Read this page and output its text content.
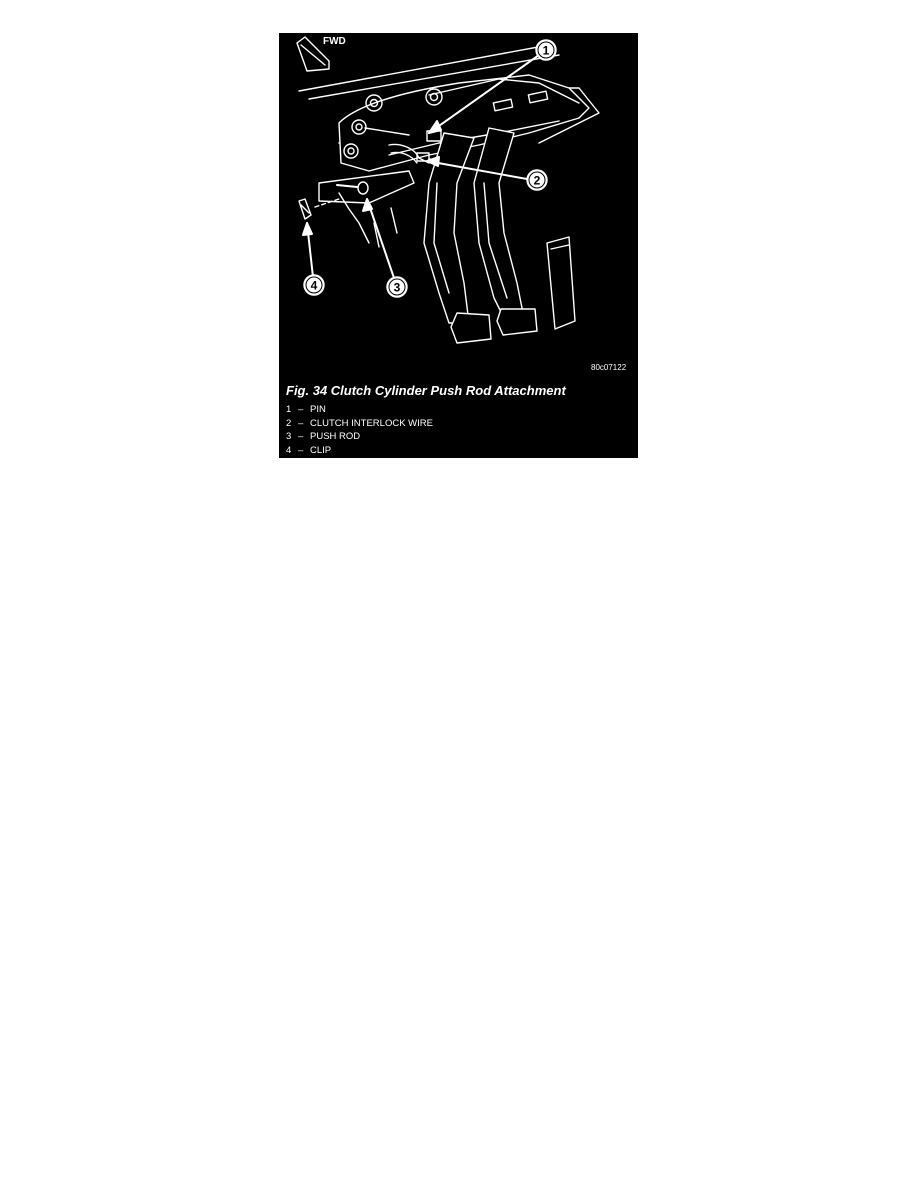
1
2
3
4
FWD
80c07122
Fig. 34 Clutch Cylinder Push Rod Attachment
1 – PIN
2 – CLUTCH INTERLOCK WIRE
3 – PUSH ROD
4 – CLIP
